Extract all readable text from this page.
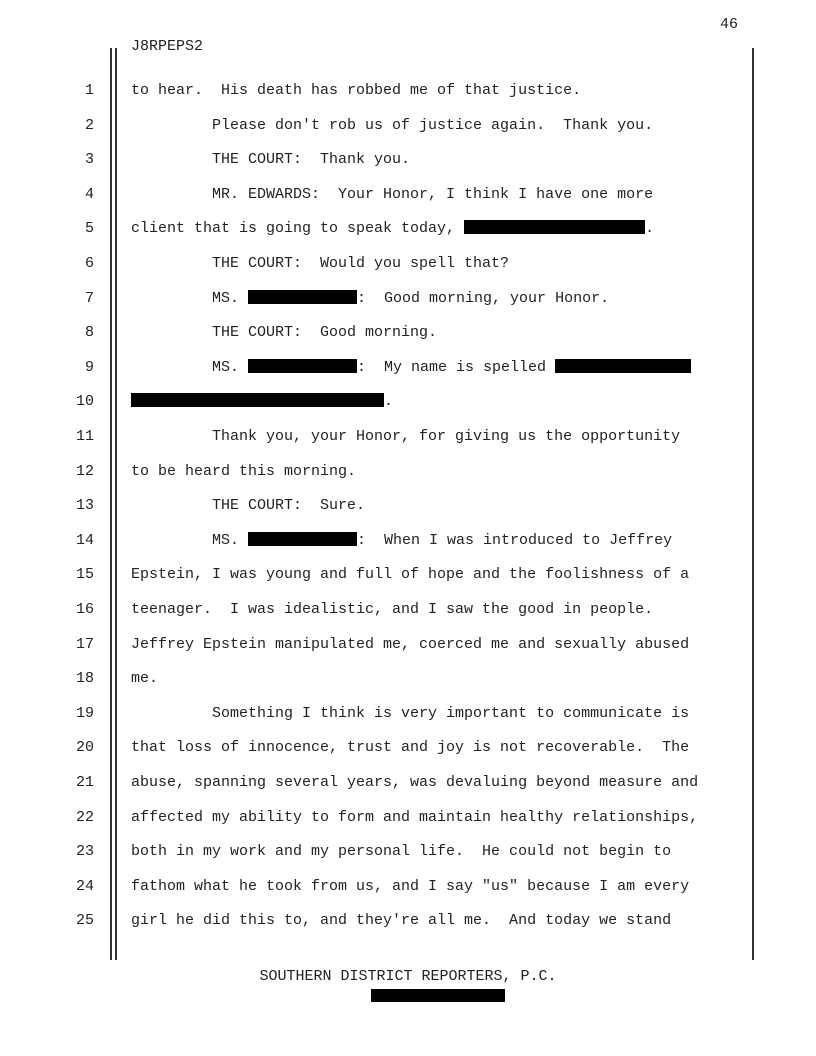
46
J8RPEPS2
1 to hear.  His death has robbed me of that justice.
2 Please don't rob us of justice again.  Thank you.
3 THE COURT:  Thank you.
4 MR. EDWARDS:  Your Honor, I think I have one more
5 client that is going to speak today,	.
6 THE COURT:  Would you spell that?
7 MS.	:  Good morning, your Honor.
8 THE COURT:  Good morning.
9 MS.	:  My name is spelled
10	.
11 Thank you, your Honor, for giving us the opportunity
12 to be heard this morning.
13 THE COURT:  Sure.
14 MS.	:  When I was introduced to Jeffrey
15 Epstein, I was young and full of hope and the foolishness of a
16 teenager.  I was idealistic, and I saw the good in people.
17 Jeffrey Epstein manipulated me, coerced me and sexually abused
18 me.
19 Something I think is very important to communicate is
20 that loss of innocence, trust and joy is not recoverable.  The
21 abuse, spanning several years, was devaluing beyond measure and
22 affected my ability to form and maintain healthy relationships,
23 both in my work and my personal life.  He could not begin to
24 fathom what he took from us, and I say "us" because I am every
25 girl he did this to, and they're all me.  And today we stand
SOUTHERN DISTRICT REPORTERS, P.C.
